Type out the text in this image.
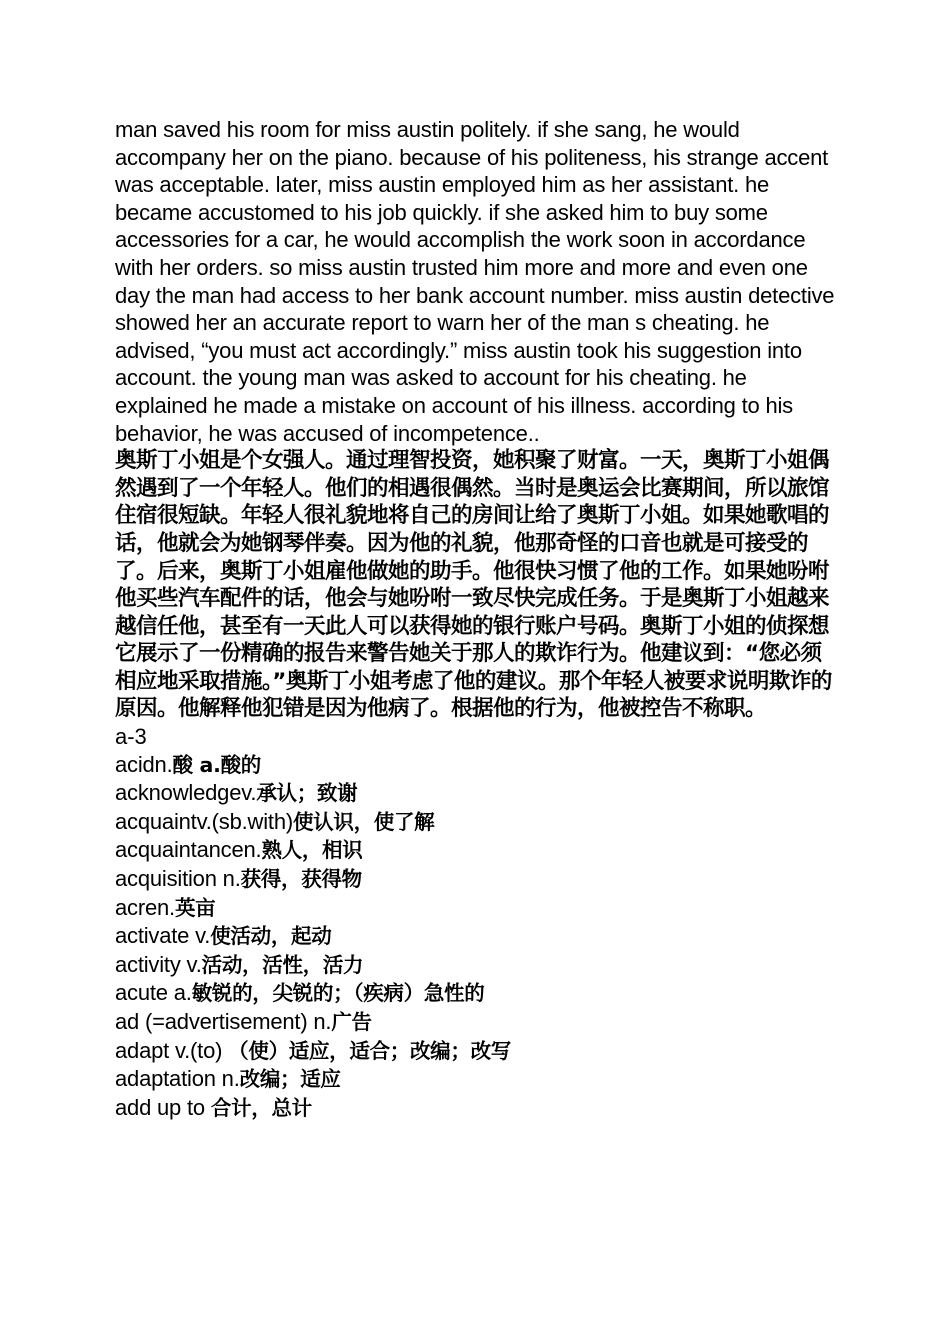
man saved his room for miss austin politely. if she sang, he would accompany her on the piano. because of his politeness, his strange accent was acceptable. later, miss austin employed him as her assistant. he became accustomed to his job quickly. if she asked him to buy some accessories for a car, he would accomplish the work soon in accordance with her orders. so miss austin trusted him more and more and even one day the man had access to her bank account number. miss austin detective

showed her an accurate report to warn her of the man s cheating. he advised, “you must act accordingly.” miss austin took his suggestion into account. the young man was asked to account for his cheating. he explained he made a mistake on account of his illness. according to his behavior, he was accused of incompetence..

奥斯丁小姐是个女强人。通过理智投资，她积聚了财富。一天，奥斯丁小姐偶然遇到了一个年轻人。他们的相遇很偶然。当时是奥运会比赛期间，所以旅馆住宿很短缺。年轻人很礼貌地将自己的房间让给了奥斯丁小姐。如果她歌唱的话，他就会为她钢琴伴奏。因为他的礼貌，他那奇怪的口音也就是可接受的了。后来，奥斯丁小姐雇他做她的助手。他很快习惯了他的工作。如果她吩咐他买些汽车配件的话，他会与她吩咐一致尽快完成任务。于是奥斯丁小姐越来越信任他，甚至有一天此人可以获得她的银行账户号码。奥斯丁小姐的侦探想它展示了一份精确的报告来警告她关于那人的欺诈行为。他建议到：“您必须相应地采取措施。”奥斯丁小姐考虑了他的建议。那个年轻人被要求说明欺诈的原因。他解释他犯错是因为他病了。根据他的行为，他被控告不称职。

a-3

acidn.酸 a.酸的
acknowledgev.承认；致谢
acquaintv.(sb.with)使认识，使了解
acquaintancen.熟人，相识
acquisition n.获得，获得物
acren.英亩
activate v.使活动，起动
activity v.活动，活性，活力
acute a.敏锐的，尖锐的；（疾病）急性的
ad (=advertisement) n.广告
adapt v.(to) （使）适应，适合；改编；改写
adaptation n.改编；适应
add up to 合计，总计
